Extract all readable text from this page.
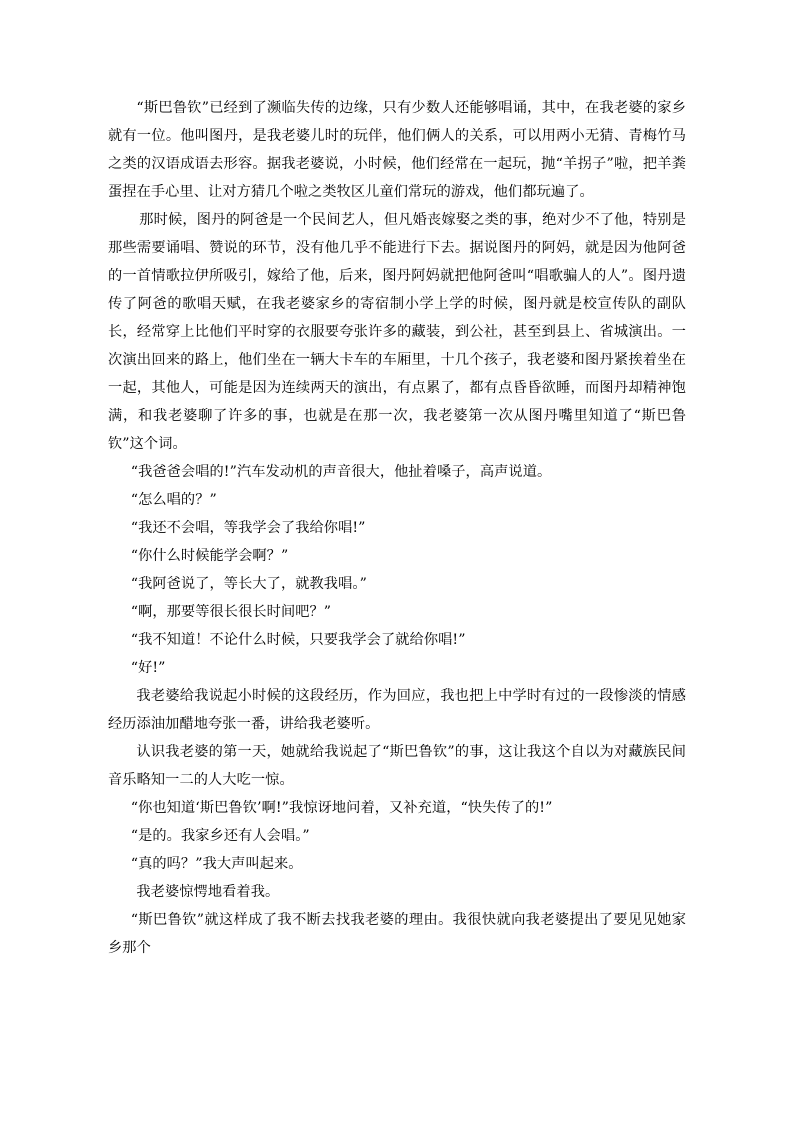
“斯巴鲁钦”已经到了濒临失传的边缘，只有少数人还能够唱诵，其中，在我老婆的家乡就有一位。他叫图丹，是我老婆儿时的玩伴，他们俩人的关系，可以用两小无猜、青梅竹马之类的汉语成语去形容。据我老婆说，小时候，他们经常在一起玩，抛“羊拐子”啦，把羊粪蛋捏在手心里、让对方猜几个啦之类牧区儿童们常玩的游戏，他们都玩遍了。

那时候，图丹的阿爸是一个民间艺人，但凡婚丧嫁娶之类的事，绝对少不了他，特别是那些需要诵唱、赞说的环节，没有他几乎不能进行下去。据说图丹的阿妈，就是因为他阿爸的一首情歌拉伊所吸引，嫁给了他，后来，图丹阿妈就把他阿爸叫“唱歌骗人的人”。图丹遗传了阿爸的歌唱天赋，在我老婆家乡的寄宿制小学上学的时候，图丹就是校宣传队的副队长，经常穿上比他们平时穿的衣服要夸张许多的藏装，到公社，甚至到县上、省城演出。一次演出回来的路上，他们坐在一辆大卡车的车厢里，十几个孩子，我老婆和图丹紧挨着坐在一起，其他人，可能是因为连续两天的演出，有点累了，都有点昏昏欲睡，而图丹却精神饱满，和我老婆聊了许多的事，也就是在那一次，我老婆第一次从图丹嘴里知道了“斯巴鲁钦”这个词。

“我爸爸会唱的!”汽车发动机的声音很大，他扯着嗓子，高声说道。

“怎么唱的？”

“我还不会唱，等我学会了我给你唱!”

“你什么时候能学会啊？”

“我阿爸说了，等长大了，就教我唱。”

“啊，那要等很长很长时间吧？”

“我不知道！不论什么时候，只要我学会了就给你唱!”

“好!”

我老婆给我说起小时候的这段经历，作为回应，我也把上中学时有过的一段惨淡的情感经历添油加醋地夸张一番，讲给我老婆听。

认识我老婆的第一天，她就给我说起了“斯巴鲁钦”的事，这让我这个自以为对藏族民间音乐略知一二的人大吃一惊。

“你也知道‘斯巴鲁钦’啊!”我惊讶地问着，又补充道，“快失传了的!”

“是的。我家乡还有人会唱。”

“真的吗？”我大声叫起来。

我老婆惊愕地看着我。

“斯巴鲁钦”就这样成了我不断去找我老婆的理由。我很快就向我老婆提出了要见见她家乡那个
